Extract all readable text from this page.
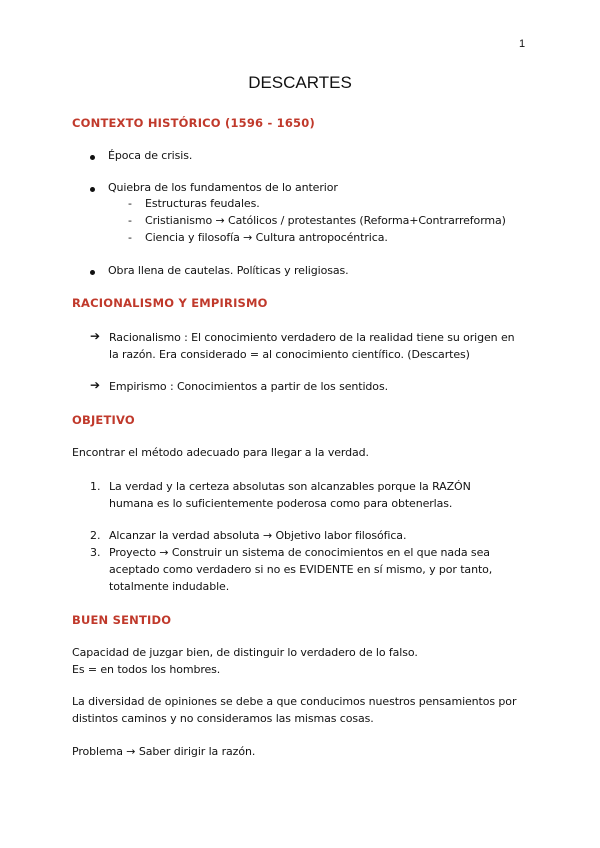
1
DESCARTES
CONTEXTO HISTÓRICO (1596 - 1650)
Época de crisis.
Quiebra de los fundamentos de lo anterior
- Estructuras feudales.
- Cristianismo → Católicos / protestantes (Reforma+Contrarreforma)
- Ciencia y filosofía → Cultura antropocéntrica.
Obra llena de cautelas. Políticas y religiosas.
RACIONALISMO Y EMPIRISMO
➔ Racionalismo : El conocimiento verdadero de la realidad tiene su origen en
la razón. Era considerado = al conocimiento científico. (Descartes)
➔ Empirismo : Conocimientos a partir de los sentidos.
OBJETIVO
Encontrar el método adecuado para llegar a la verdad.
1. La verdad y la certeza absolutas son alcanzables porque la RAZÓN
humana es lo suficientemente poderosa como para obtenerlas.
2. Alcanzar la verdad absoluta → Objetivo labor filosófica.
3. Proyecto → Construir un sistema de conocimientos en el que nada sea
aceptado como verdadero si no es EVIDENTE en sí mismo, y por tanto,
totalmente indudable.
BUEN SENTIDO
Capacidad de juzgar bien, de distinguir lo verdadero de lo falso.
Es = en todos los hombres.
La diversidad de opiniones se debe a que conducimos nuestros pensamientos por
distintos caminos y no consideramos las mismas cosas.
Problema → Saber dirigir la razón.
